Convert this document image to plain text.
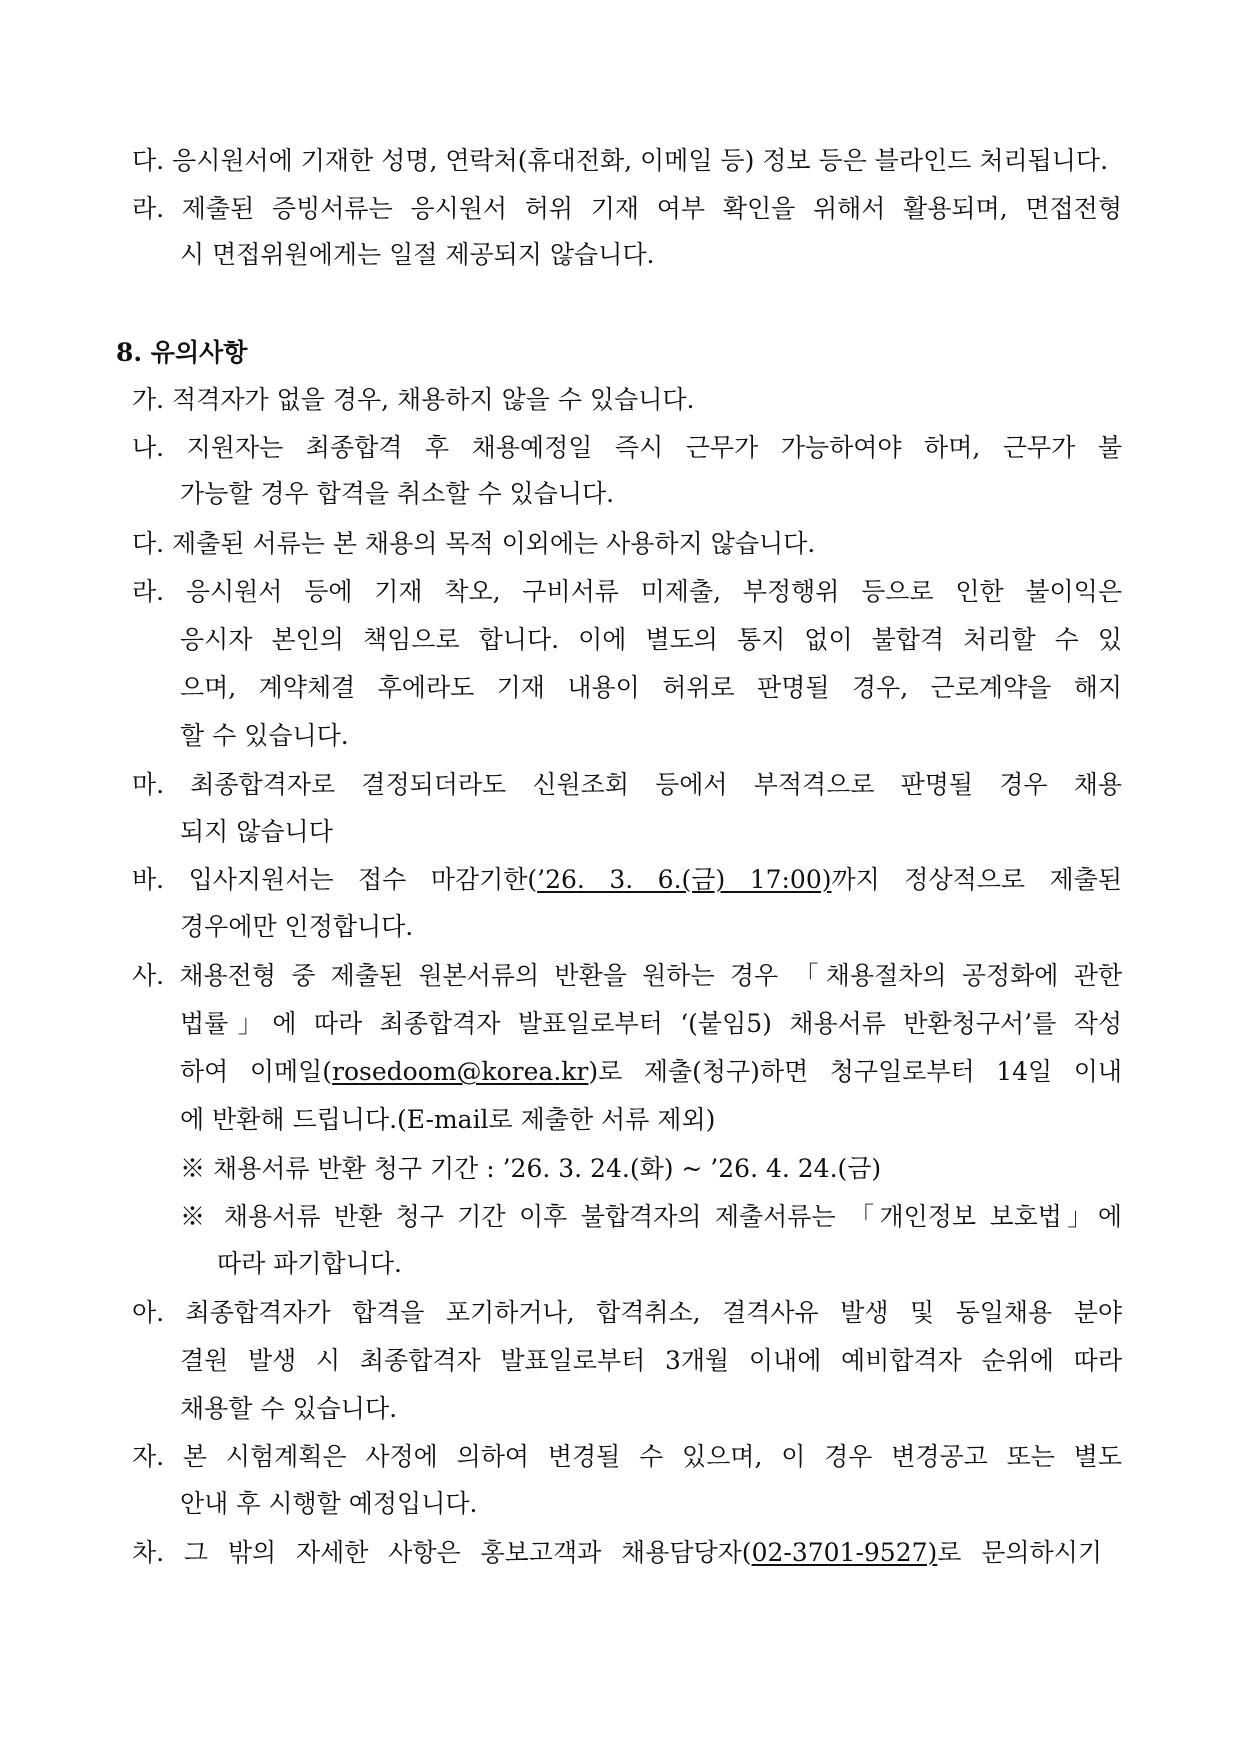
다. 응시원서에 기재한 성명, 연락처(휴대전화, 이메일 등) 정보 등은 블라인드 처리됩니다.
라. 제출된 증빙서류는 응시원서 허위 기재 여부 확인을 위해서 활용되며, 면접전형
시 면접위원에게는 일절 제공되지 않습니다.
8. 유의사항
가. 적격자가 없을 경우, 채용하지 않을 수 있습니다.
나. 지원자는 최종합격 후 채용예정일 즉시 근무가 가능하여야 하며, 근무가 불
가능할 경우 합격을 취소할 수 있습니다.
다. 제출된 서류는 본 채용의 목적 이외에는 사용하지 않습니다.
라. 응시원서 등에 기재 착오, 구비서류 미제출, 부정행위 등으로 인한 불이익은
응시자 본인의 책임으로 합니다. 이에 별도의 통지 없이 불합격 처리할 수 있
으며, 계약체결 후에라도 기재 내용이 허위로 판명될 경우, 근로계약을 해지
할 수 있습니다.
마. 최종합격자로 결정되더라도 신원조회 등에서 부적격으로 판명될 경우 채용
되지 않습니다
바. 입사지원서는 접수 마감기한(’26. 3. 6.(금) 17:00)까지 정상적으로 제출된
경우에만 인정합니다.
사. 채용전형 중 제출된 원본서류의 반환을 원하는 경우 「채용절차의 공정화에 관한
법률」에 따라 최종합격자 발표일로부터 ‘(붙임5) 채용서류 반환청구서’를 작성
하여 이메일(rosedoom@korea.kr)로 제출(청구)하면 청구일로부터 14일 이내
에 반환해 드립니다.(E-mail로 제출한 서류 제외)
※ 채용서류 반환 청구 기간 : ’26. 3. 24.(화) ~ ’26. 4. 24.(금)
※ 채용서류 반환 청구 기간 이후 불합격자의 제출서류는 「개인정보 보호법」에
따라 파기합니다.
아. 최종합격자가 합격을 포기하거나, 합격취소, 결격사유 발생 및 동일채용 분야
결원 발생 시 최종합격자 발표일로부터 3개월 이내에 예비합격자 순위에 따라
채용할 수 있습니다.
자. 본 시험계획은 사정에 의하여 변경될 수 있으며, 이 경우 변경공고 또는 별도
안내 후 시행할 예정입니다.
차. 그 밖의 자세한 사항은 홍보고객과 채용담당자(02-3701-9527)로 문의하시기
